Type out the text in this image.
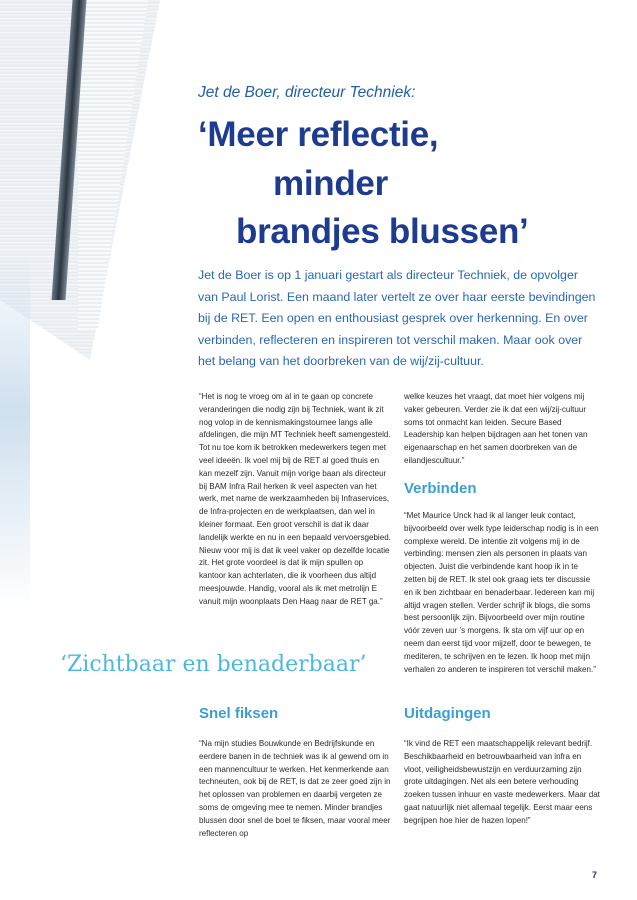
Jet de Boer, directeur Techniek:

‘Meer reflectie,
minder
brandjes blussen’

Jet de Boer is op 1 januari gestart als directeur Techniek, de opvolger van Paul Lorist. Een maand later vertelt ze over haar eerste bevindingen bij de RET. Een open en enthousiast gesprek over herkenning. En over verbinden, reflecteren en inspireren tot verschil maken. Maar ook over het belang van het doorbreken van de wij/zij-cultuur.

“Het is nog te vroeg om al in te gaan op concrete veranderingen die nodig zijn bij Techniek, want ik zit nog volop in de kennismakingstournee langs alle afdelingen, die mijn MT Techniek heeft samengesteld. Tot nu toe kom ik betrokken medewerkers tegen met veel ideeën. Ik voel mij bij de RET al goed thuis en kan mezelf zijn. Vanuit mijn vorige baan als directeur bij BAM Infra Rail herken ik veel aspecten van het werk, met name de werkzaamheden bij Infraservices, de Infra-projecten en de werkplaatsen, dan wel in kleiner formaat. Een groot verschil is dat ik daar landelijk werkte en nu in een bepaald vervoersgebied. Nieuw voor mij is dat ik veel vaker op dezelfde locatie zit. Het grote voordeel is dat ik mijn spullen op kantoor kan achterlaten, die ik voorheen dus altijd meesjouwde. Handig, vooral als ik met metrolijn E vanuit mijn woonplaats Den Haag naar de RET ga.”

‘Zichtbaar en benaderbaar’

Snel fiksen

“Na mijn studies Bouwkunde en Bedrijfskunde en eerdere banen in de techniek was ik al gewend om in een mannencultuur te werken. Het kenmerkende aan techneuten, ook bij de RET, is dat ze zeer goed zijn in het oplossen van problemen en daarbij vergeten ze soms de omgeving mee te nemen. Minder brandjes blussen door snel de boel te fiksen, maar vooral meer reflecteren op

welke keuzes het vraagt, dat moet hier volgens mij vaker gebeuren. Verder zie ik dat een wij/zij-cultuur soms tot onmacht kan leiden. Secure Based Leadership kan helpen bijdragen aan het tonen van eigenaarschap en het samen doorbreken van de eilandjescultuur.”

Verbinden

“Met Maurice Unck had ik al langer leuk contact, bijvoorbeeld over welk type leiderschap nodig is in een complexe wereld. De intentie zit volgens mij in de verbinding: mensen zien als personen in plaats van objecten. Juist die verbindende kant hoop ik in te zetten bij de RET. Ik stel ook graag iets ter discussie en ik ben zichtbaar en benaderbaar. Iedereen kan mij altijd vragen stellen. Verder schrijf ik blogs, die soms best persoonlijk zijn. Bijvoorbeeld over mijn routine vóór zeven uur ’s morgens. Ik sta om vijf uur op en neem dan eerst tijd voor mijzelf, door te bewegen, te mediteren, te schrijven en te lezen. Ik hoop met mijn verhalen zo anderen te inspireren tot verschil maken.”

Uitdagingen

“Ik vind de RET een maatschappelijk relevant bedrijf. Beschikbaarheid en betrouwbaarheid van infra en vloot, veiligheidsbewustzijn en verduurzaming zijn grote uitdagingen. Net als een betere verhouding zoeken tussen inhuur en vaste medewerkers. Maar dat gaat natuurlijk niet allemaal tegelijk. Eerst maar eens begrijpen hoe hier de hazen lopen!”

7
